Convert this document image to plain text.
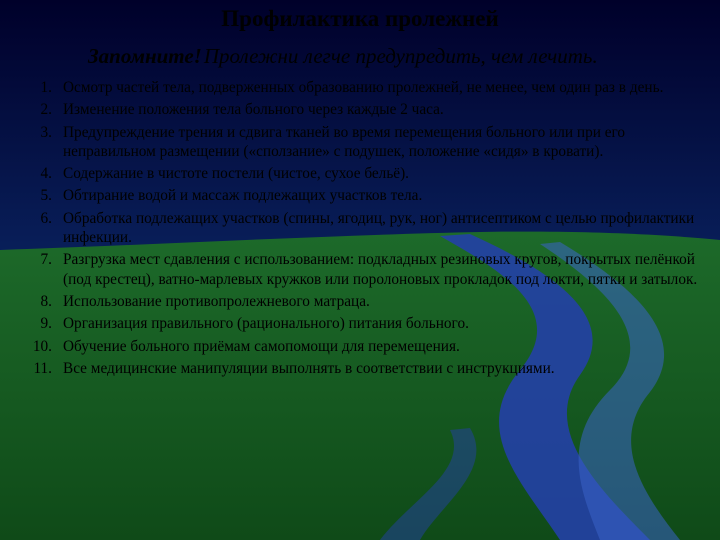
Профилактика пролежней
Запомните!Пролежни легче предупредить, чем лечить.
1. Осмотр частей тела, подверженных образованию пролежней, не менее, чем один раз в день.
2. Изменение положения тела больного через каждые 2 часа.
3. Предупреждение трения и сдвига тканей во время перемещения больного или при его неправильном размещении («сползание» с подушек, положение «сидя» в кровати).
4. Содержание в чистоте постели (чистое, сухое бельё).
5. Обтирание водой и массаж подлежащих участков тела.
6. Обработка подлежащих участков (спины, ягодиц, рук, ног) антисептиком с целью профилактики инфекции.
7. Разгрузка мест сдавления с использованием: подкладных резиновых кругов, покрытых пелёнкой (под крестец), ватно-марлевых кружков или поролоновых прокладок под локти, пятки и затылок.
8. Использование противопролежневого матраца.
9. Организация правильного (рационального) питания больного.
10. Обучение больного приёмам самопомощи для перемещения.
11. Все медицинские манипуляции выполнять в соответствии с инструкциями.
